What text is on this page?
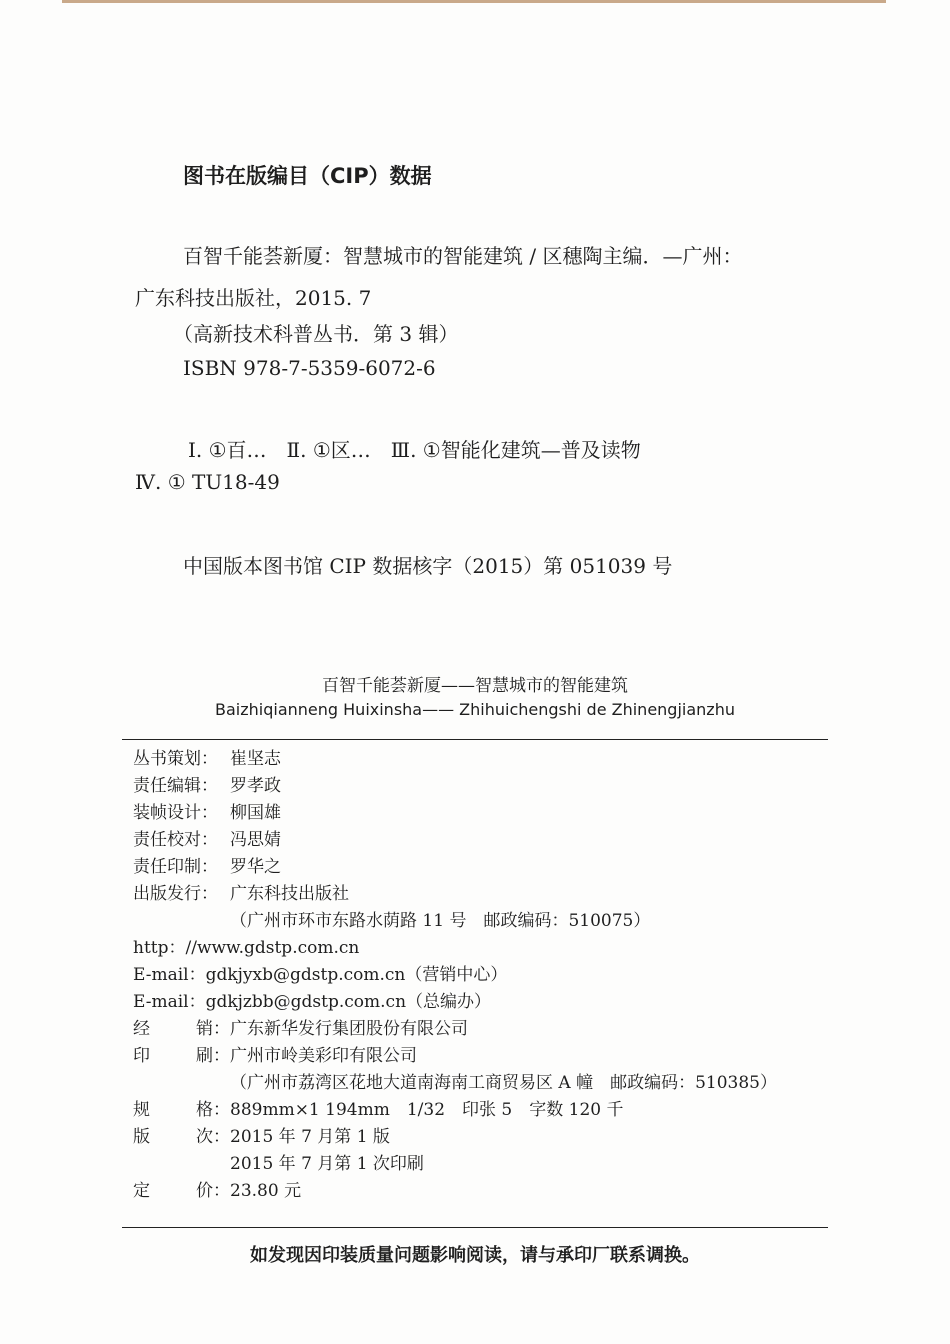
图书在版编目（CIP）数据
百智千能荟新厦：智慧城市的智能建筑 / 区穗陶主编．—广州：
广东科技出版社，2015. 7
（高新技术科普丛书．第 3 辑）
ISBN 978-7-5359-6072-6
Ⅰ. ①百…　Ⅱ. ①区…　Ⅲ. ①智能化建筑—普及读物
Ⅳ. ① TU18-49
中国版本图书馆 CIP 数据核字（2015）第 051039 号
百智千能荟新厦——智慧城市的智能建筑
Baizhiqianneng Huixinsha—— Zhihuichengshi de Zhinengjianzhu
丛书策划： 崔坚志
责任编辑： 罗孝政
装帧设计： 柳国雄
责任校对： 冯思婧
责任印制： 罗华之
出版发行： 广东科技出版社
（广州市环市东路水荫路 11 号　邮政编码：510075）
http：//www.gdstp.com.cn
E-mail：gdkjyxb@gdstp.com.cn（营销中心）
E-mail：gdkjzbb@gdstp.com.cn（总编办）
经	销： 广东新华发行集团股份有限公司
印	刷： 广州市岭美彩印有限公司
（广州市荔湾区花地大道南海南工商贸易区 A 幢　邮政编码：510385）
规	格： 889mm×1 194mm　1/32　印张 5　字数 120 千
版	次： 2015 年 7 月第 1 版
2015 年 7 月第 1 次印刷
定	价： 23.80 元
如发现因印装质量问题影响阅读，请与承印厂联系调换。
